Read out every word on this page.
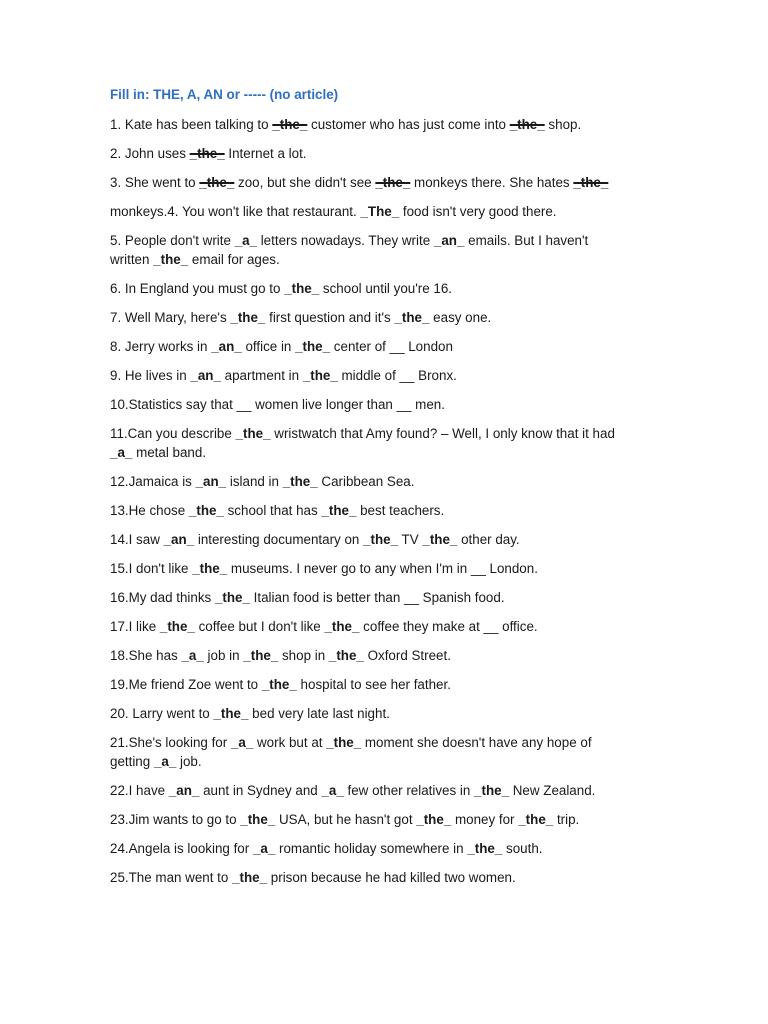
Fill in: THE, A, AN or ----- (no article)
1. Kate has been talking to _the_ customer who has just come into _the_ shop.
2. John uses _the_ Internet a lot.
3. She went to _the_ zoo, but she didn't see _the_ monkeys there. She hates _the_
monkeys.4. You won't like that restaurant. _The_ food isn't very good there.
5. People don't write _a_ letters nowadays. They write _an_ emails. But I haven't
written _the_ email for ages.
6. In England you must go to _the_ school until you're 16.
7. Well Mary, here's _the_ first question and it's _the_ easy one.
8. Jerry works in _an_ office in _the_ center of __ London
9. He lives in _an_ apartment in _the_ middle of __ Bronx.
10.Statistics say that __ women live longer than __ men.
11.Can you describe _the_ wristwatch that Amy found? – Well, I only know that it had
_a_ metal band.
12.Jamaica is _an_ island in _the_ Caribbean Sea.
13.He chose _the_ school that has _the_ best teachers.
14.I saw _an_ interesting documentary on _the_ TV _the_ other day.
15.I don't like _the_ museums. I never go to any when I'm in __ London.
16.My dad thinks _the_ Italian food is better than __ Spanish food.
17.I like _the_ coffee but I don't like _the_ coffee they make at __ office.
18.She has _a_ job in _the_ shop in _the_ Oxford Street.
19.Me friend Zoe went to _the_ hospital to see her father.
20. Larry went to _the_ bed very late last night.
21.She's looking for _a_ work but at _the_ moment she doesn't have any hope of
getting _a_ job.
22.I have _an_ aunt in Sydney and _a_ few other relatives in _the_ New Zealand.
23.Jim wants to go to _the_ USA, but he hasn't got _the_ money for _the_ trip.
24.Angela is looking for _a_ romantic holiday somewhere in _the_ south.
25.The man went to _the_ prison because he had killed two women.
